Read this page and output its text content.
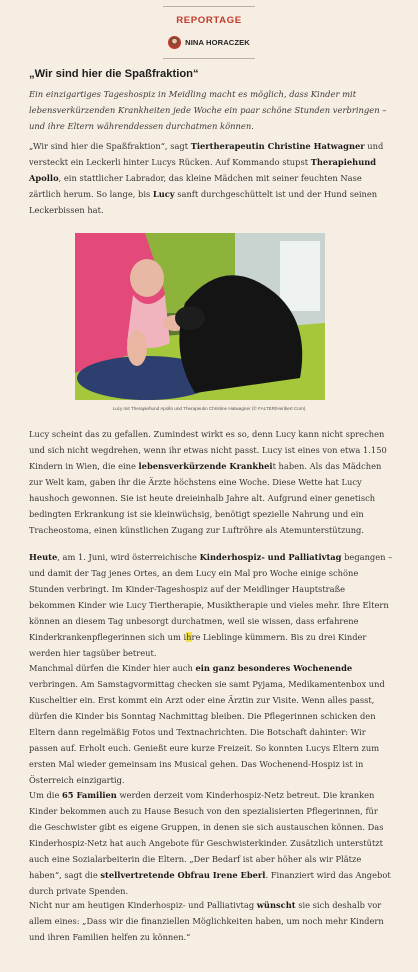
REPORTAGE
NINA HORACZEK
„Wir sind hier die Spaßfraktion“

Ein einzigartiges Tageshospiz in Meidling macht es möglich, dass Kinder mit lebensverkürzenden Krankheiten jede Woche ein paar schöne Stunden verbringen – und ihre Eltern währenddessen durchatmen können.

„Wir sind hier die Spaßfraktion“, sagt Tiertherapeutin Christine Hatwagner und versteckt ein Leckerli hinter Lucys Rücken. Auf Kommando stupst Therapiehund Apollo, ein stattlicher Labrador, das kleine Mädchen mit seiner feuchten Nase zärtlich herum. So lange, bis Lucy sanft durchgeschüttelt ist und der Hund seinen Leckerbissen hat.

Lucy mit Therapiehund Apollo und Therapeutin Christine Hatwagner (© FALTER/Heribert Corn)

Lucy scheint das zu gefallen. Zumindest wirkt es so, denn Lucy kann nicht sprechen und sich nicht wegdrehen, wenn ihr etwas nicht passt. Lucy ist eines von etwa 1.150 Kindern in Wien, die eine lebensverkürzende Krankheit haben. Als das Mädchen zur Welt kam, gaben ihr die Ärzte höchstens eine Woche. Diese Wette hat Lucy haushoch gewonnen. Sie ist heute dreieinhalb Jahre alt. Aufgrund einer genetisch bedingten Erkrankung ist sie kleinwüchsig, benötigt spezielle Nahrung und ein Tracheostoma, einen künstlichen Zugang zur Luftröhre als Atemunterstützung.

Heute, am 1. Juni, wird österreichische Kinderhospiz- und Palliativtag begangen – und damit der Tag jenes Ortes, an dem Lucy ein Mal pro Woche einige schöne Stunden verbringt. Im Kinder-Tageshospiz auf der Meidlinger Hauptstraße bekommen Kinder wie Lucy Tiertherapie, Musiktherapie und vieles mehr. Ihre Eltern können an diesem Tag unbesorgt durchatmen, weil sie wissen, dass erfahrene Kinderkrankenpflegerinnen sich um ihre Lieblinge kümmern. Bis zu drei Kinder werden hier tagsüber betreut.

Manchmal dürfen die Kinder hier auch ein ganz besonderes Wochenende verbringen. Am Samstagvormittag checken sie samt Pyjama, Medikamentenbox und Kuscheltier ein. Erst kommt ein Arzt oder eine Ärztin zur Visite. Wenn alles passt, dürfen die Kinder bis Sonntag Nachmittag bleiben. Die Pflegerinnen schicken den Eltern dann regelmäßig Fotos und Textnachrichten. Die Botschaft dahinter: Wir passen auf. Erholt euch. Genießt eure kurze Freizeit. So konnten Lucys Eltern zum ersten Mal wieder gemeinsam ins Musical gehen. Das Wochenend-Hospiz ist in Österreich einzigartig.

Um die 65 Familien werden derzeit vom Kinderhospiz-Netz betreut. Die kranken Kinder bekommen auch zu Hause Besuch von den spezialisierten Pflegerinnen, für die Geschwister gibt es eigene Gruppen, in denen sie sich austauschen können. Das Kinderhospiz-Netz hat auch Angebote für Geschwisterkinder. Zusätzlich unterstützt auch eine Sozialarbeiterin die Eltern. „Der Bedarf ist aber höher als wir Plätze haben“, sagt die stellvertretende Obfrau Irene Eberl. Finanziert wird das Angebot durch private Spenden.

Nicht nur am heutigen Kinderhospiz- und Palliativtag wünscht sie sich deshalb vor allem eines: „Dass wir die finanziellen Möglichkeiten haben, um noch mehr Kindern und ihren Familien helfen zu können.“
